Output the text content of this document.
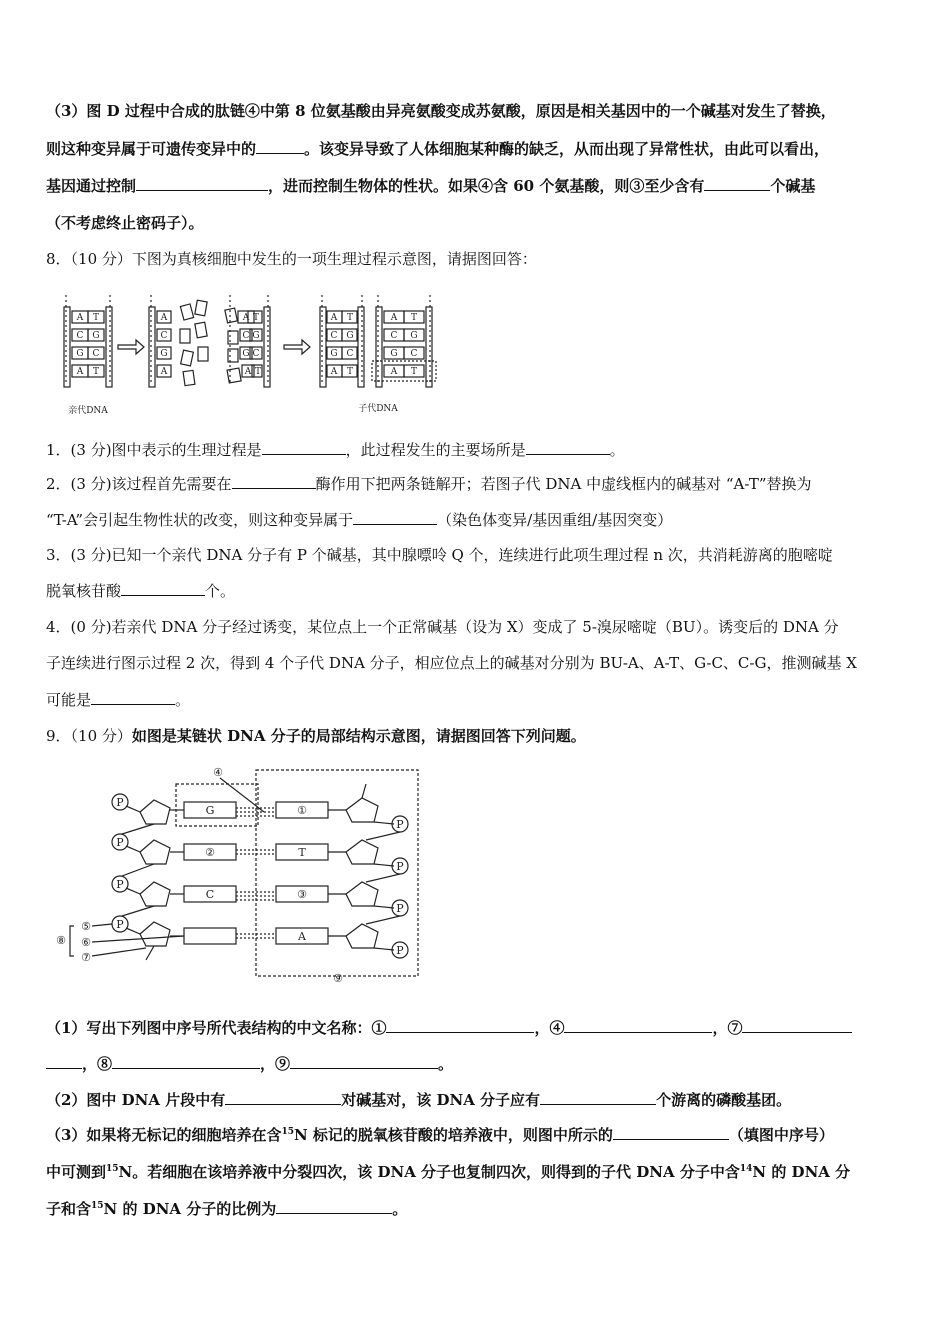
（3）图 D 过程中合成的肽链④中第 8 位氨基酸由异亮氨酸变成苏氨酸，原因是相关基因中的一个碱基对发生了替换，
则这种变异属于可遗传变异中的	。该变异导致了人体细胞某种酶的缺乏，从而出现了异常性状，由此可以看出，
基因通过控制	，进而控制生物体的性状。如果④含 60 个氨基酸，则③至少含有	个碱基
（不考虑终止密码子）。
8．（10 分）下图为真核细胞中发生的一项生理过程示意图，请据图回答：
A T
C G
G C
A T
A
C
G
A
A T
C G
G C
A T
A T
C G
G C
A T
A T
C G
G C
A T
亲代DNA	子代DNA
1．(3 分)图中表示的生理过程是	，此过程发生的主要场所是	。
2．(3 分)该过程首先需要在	酶作用下把两条链解开；若图子代 DNA 中虚线框内的碱基对 “A-T”替换为
“T-A”会引起生物性状的改变，则这种变异属于	（染色体变异/基因重组/基因突变）
3．(3 分)已知一个亲代 DNA 分子有 P 个碱基，其中腺嘌呤 Q 个，连续进行此项生理过程 n 次，共消耗游离的胞嘧啶
脱氧核苷酸	个。
4．(0 分)若亲代 DNA 分子经过诱变，某位点上一个正常碱基（设为 X）变成了 5-溴尿嘧啶（BU）。诱变后的 DNA 分
子连续进行图示过程 2 次，得到 4 个子代 DNA 分子，相应位点上的碱基对分别为 BU-A、A-T、G-C、C-G，推测碱基 X
可能是	。
9．（10 分）如图是某链状 DNA 分子的局部结构示意图，请据图回答下列问题。
P
P
P
P
P
P
P
P
G
②
C
①
T
③
A
④
⑤
⑥
⑦
⑧
⑨
（1）写出下列图中序号所代表结构的中文名称：①	，④	，⑦
，⑧	，⑨	。
（2）图中 DNA 片段中有	对碱基对，该 DNA 分子应有	个游离的磷酸基团。
（3）如果将无标记的细胞培养在含$^{15}$N 标记的脱氧核苷酸的培养液中，则图中所示的	（填图中序号）
中可测到$^{15}$N。若细胞在该培养液中分裂四次，该 DNA 分子也复制四次，则得到的子代 DNA 分子中含$^{14}$N 的 DNA 分
子和含$^{15}$N 的 DNA 分子的比例为	。
